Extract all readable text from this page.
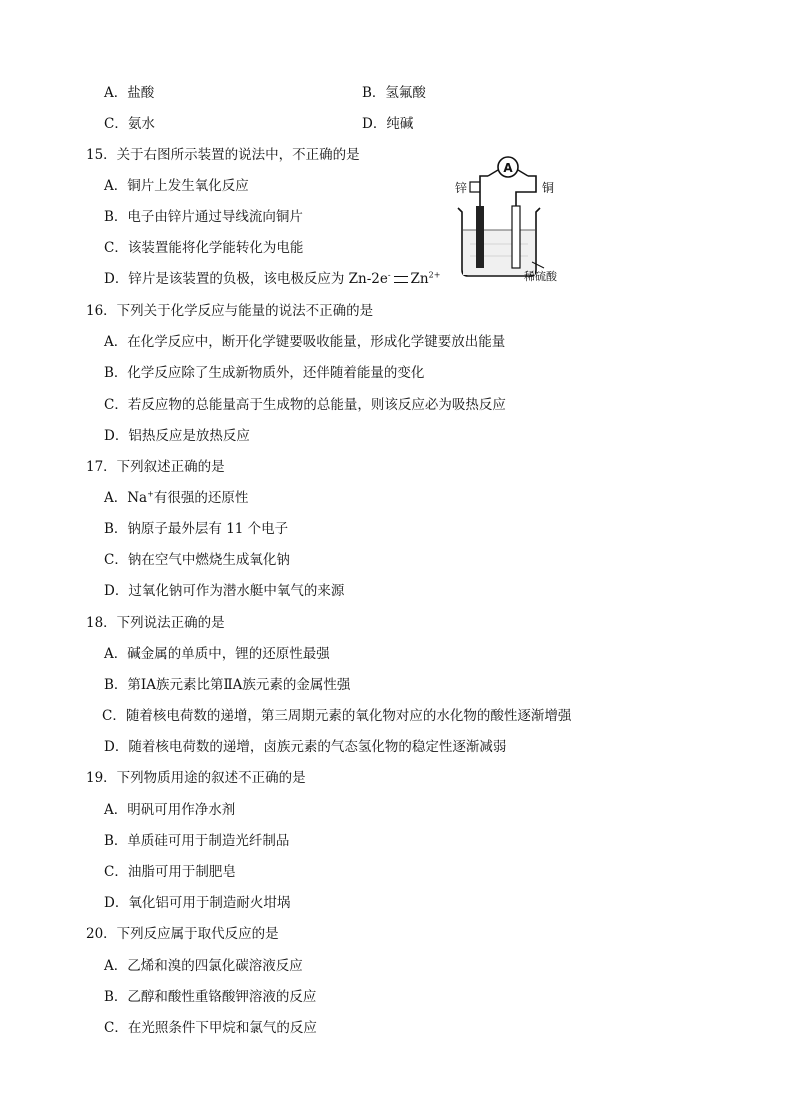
A．盐酸	B．氢氟酸
C．氨水	D．纯碱
15．关于右图所示装置的说法中，不正确的是
A．铜片上发生氧化反应
B．电子由锌片通过导线流向铜片
C．该装置能将化学能转化为电能
D．锌片是该装置的负极，该电极反应为 Zn-2e- $Zn^{2+}$
A
锌	铜
稀硫酸
16．下列关于化学反应与能量的说法不正确的是
A．在化学反应中，断开化学键要吸收能量，形成化学键要放出能量
B．化学反应除了生成新物质外，还伴随着能量的变化
C．若反应物的总能量高于生成物的总能量，则该反应必为吸热反应
D．铝热反应是放热反应
17．下列叙述正确的是
A．Na+有很强的还原性
B．钠原子最外层有 11 个电子
C．钠在空气中燃烧生成氧化钠
D．过氧化钠可作为潜水艇中氧气的来源
18．下列说法正确的是
A．碱金属的单质中，锂的还原性最强
B．第ⅠA族元素比第ⅡA族元素的金属性强
C．随着核电荷数的递增，第三周期元素的氧化物对应的水化物的酸性逐渐增强
D．随着核电荷数的递增，卤族元素的气态氢化物的稳定性逐渐减弱
19．下列物质用途的叙述不正确的是
A．明矾可用作净水剂
B．单质硅可用于制造光纤制品
C．油脂可用于制肥皂
D．氧化铝可用于制造耐火坩埚
20．下列反应属于取代反应的是
A．乙烯和溴的四氯化碳溶液反应
B．乙醇和酸性重铬酸钾溶液的反应
C．在光照条件下甲烷和氯气的反应
